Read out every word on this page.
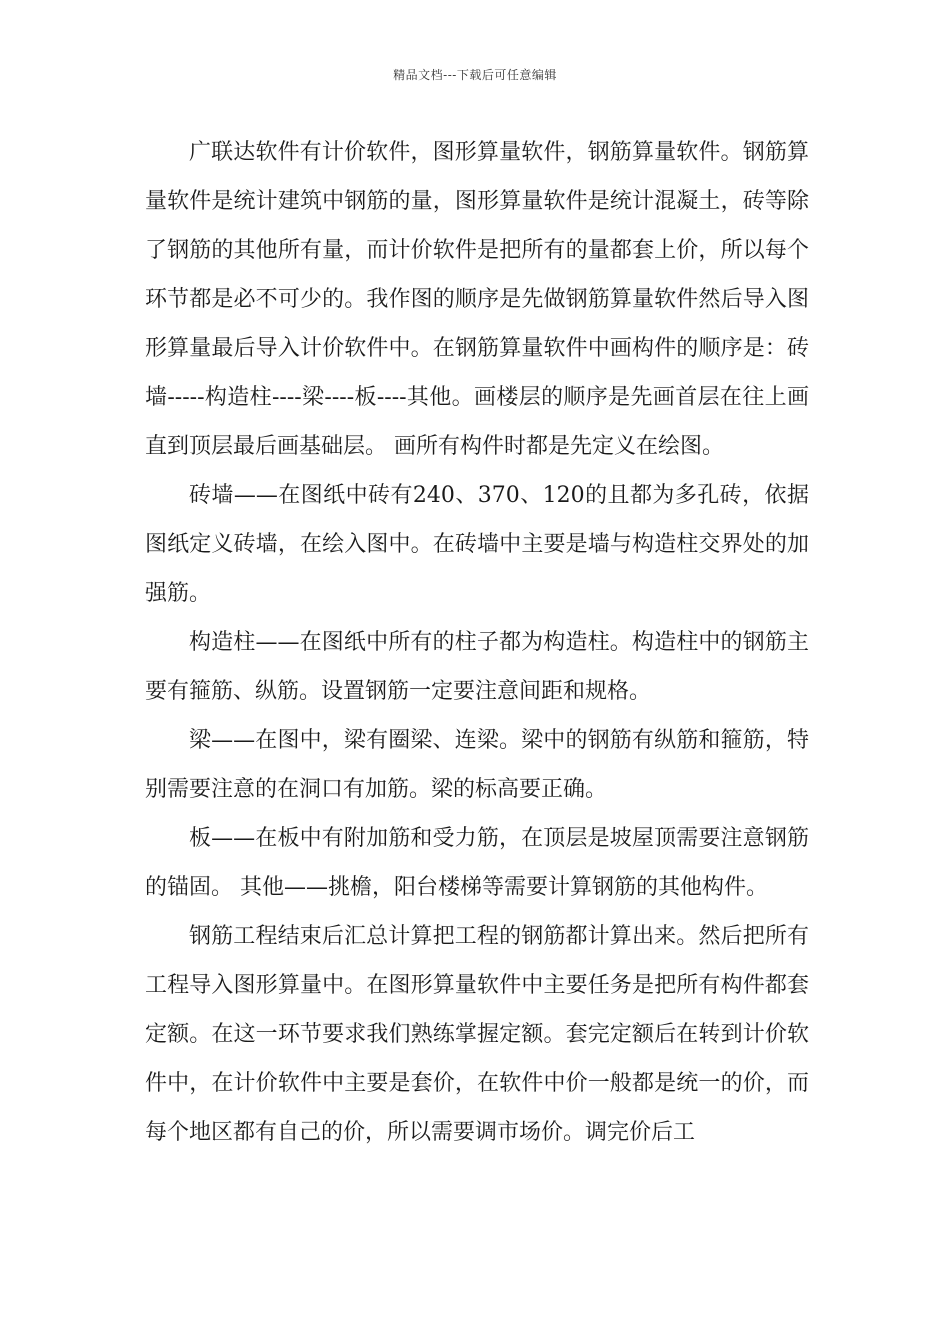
精品文档---下载后可任意编辑

广联达软件有计价软件，图形算量软件，钢筋算量软件。钢筋算量软件是统计建筑中钢筋的量，图形算量软件是统计混凝土，砖等除了钢筋的其他所有量，而计价软件是把所有的量都套上价，所以每个环节都是必不可少的。我作图的顺序是先做钢筋算量软件然后导入图形算量最后导入计价软件中。在钢筋算量软件中画构件的顺序是：砖墙-----构造柱----梁----板----其他。画楼层的顺序是先画首层在往上画直到顶层最后画基础层。 画所有构件时都是先定义在绘图。

砖墙——在图纸中砖有240、370、120的且都为多孔砖，依据图纸定义砖墙，在绘入图中。在砖墙中主要是墙与构造柱交界处的加强筋。

构造柱——在图纸中所有的柱子都为构造柱。构造柱中的钢筋主要有箍筋、纵筋。设置钢筋一定要注意间距和规格。

梁——在图中，梁有圈梁、连梁。梁中的钢筋有纵筋和箍筋，特别需要注意的在洞口有加筋。梁的标高要正确。

板——在板中有附加筋和受力筋，在顶层是坡屋顶需要注意钢筋的锚固。 其他——挑檐，阳台楼梯等需要计算钢筋的其他构件。

钢筋工程结束后汇总计算把工程的钢筋都计算出来。然后把所有工程导入图形算量中。在图形算量软件中主要任务是把所有构件都套定额。在这一环节要求我们熟练掌握定额。套完定额后在转到计价软件中，在计价软件中主要是套价，在软件中价一般都是统一的价，而每个地区都有自己的价，所以需要调市场价。调完价后工
